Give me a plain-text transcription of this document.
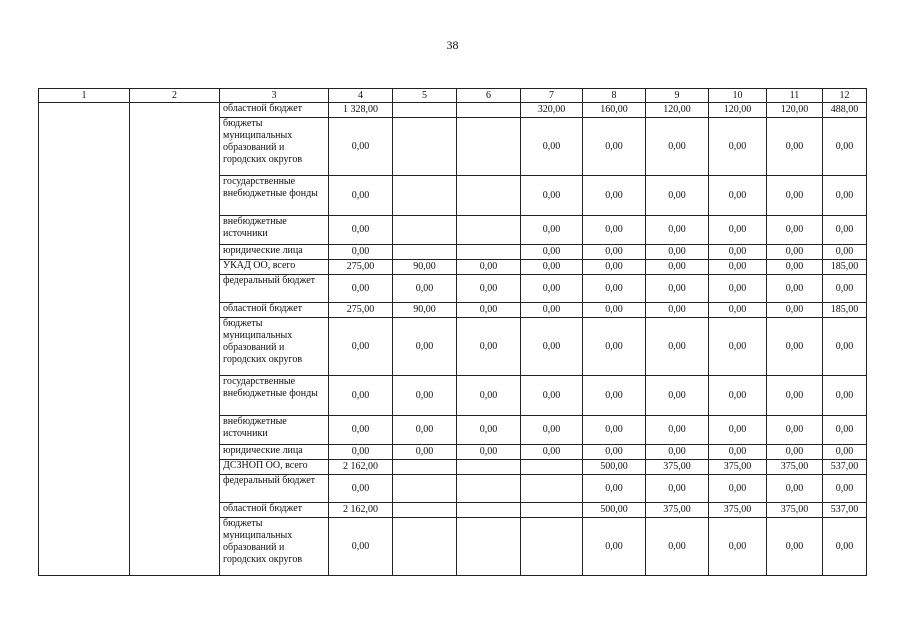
38
1	2	3	4	5	6	7	8	9	10	11	12
		областной бюджет	1 328,00			320,00	160,00	120,00	120,00	120,00	488,00
		бюджеты муниципальных образований и городских округов	0,00			0,00	0,00	0,00	0,00	0,00	0,00
		государственные внебюджетные фонды	0,00			0,00	0,00	0,00	0,00	0,00	0,00
		внебюджетные источники	0,00			0,00	0,00	0,00	0,00	0,00	0,00
		юридические лица	0,00			0,00	0,00	0,00	0,00	0,00	0,00
		УКАД ОО, всего	275,00	90,00	0,00	0,00	0,00	0,00	0,00	0,00	185,00
		федеральный бюджет	0,00	0,00	0,00	0,00	0,00	0,00	0,00	0,00	0,00
		областной бюджет	275,00	90,00	0,00	0,00	0,00	0,00	0,00	0,00	185,00
		бюджеты муниципальных образований и городских округов	0,00	0,00	0,00	0,00	0,00	0,00	0,00	0,00	0,00
		государственные внебюджетные фонды	0,00	0,00	0,00	0,00	0,00	0,00	0,00	0,00	0,00
		внебюджетные источники	0,00	0,00	0,00	0,00	0,00	0,00	0,00	0,00	0,00
		юридические лица	0,00	0,00	0,00	0,00	0,00	0,00	0,00	0,00	0,00
		ДСЗНОП ОО, всего	2 162,00				500,00	375,00	375,00	375,00	537,00
		федеральный бюджет	0,00				0,00	0,00	0,00	0,00	0,00
		областной бюджет	2 162,00				500,00	375,00	375,00	375,00	537,00
		бюджеты муниципальных образований и городских округов	0,00				0,00	0,00	0,00	0,00	0,00
